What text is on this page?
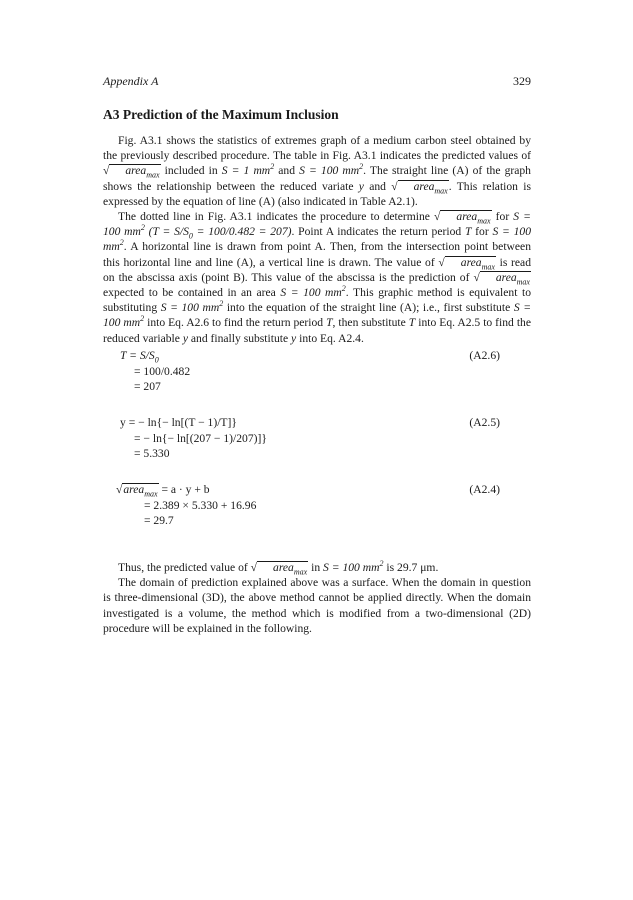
Appendix A	329
A3 Prediction of the Maximum Inclusion

Fig. A3.1 shows the statistics of extremes graph of a medium carbon steel obtained by the previously described procedure. The table in Fig. A3.1 indicates the predicted values of √ area$_{max}$ included in S = 1 $mm^2$ and S = 100 $mm^2$. The straight line (A) of the graph shows the relationship between the reduced variate y and √ area$_{max}$. This relation is expressed by the equation of line (A) (also indicated in Table A2.1).

The dotted line in Fig. A3.1 indicates the procedure to determine √ area$_{max}$ for S = 100 $mm^2$ $(T = S/S_0 = 100/0.482 = 207)$. Point A indicates the return period T for S = 100 $mm^2$. A horizontal line is drawn from point A. Then, from the intersection point between this horizontal line and line (A), a vertical line is drawn. The value of √ area$_{max}$ is read on the abscissa axis (point B). This value of the abscissa is the prediction of √ area$_{max}$ expected to be contained in an area S = 100 $mm^2$. This graphic method is equivalent to substituting S = 100 $mm^2$ into the equation of the straight line (A); i.e., first substitute S = 100 $mm^2$ into Eq. A2.6 to find the return period T, then substitute T into Eq. A2.5 to find the reduced variable y and finally substitute y into Eq. A2.4.

$T = S/S_0$	(A2.6)
= 100/0.482
= 207
y = − ln{− ln[(T − 1)/T]}	(A2.5)
= − ln{− ln[(207 − 1)/207)]}
= 5.330
√area$_{max}$ = a · y + b	(A2.4)
= 2.389 × 5.330 + 16.96
= 29.7

Thus, the predicted value of √ area$_{max}$ in S = 100 $mm^2$ is 29.7 μm.

The domain of prediction explained above was a surface. When the domain in question is three-dimensional (3D), the above method cannot be applied directly. When the domain investigated is a volume, the method which is modified from a two-dimensional (2D) procedure will be explained in the following.
